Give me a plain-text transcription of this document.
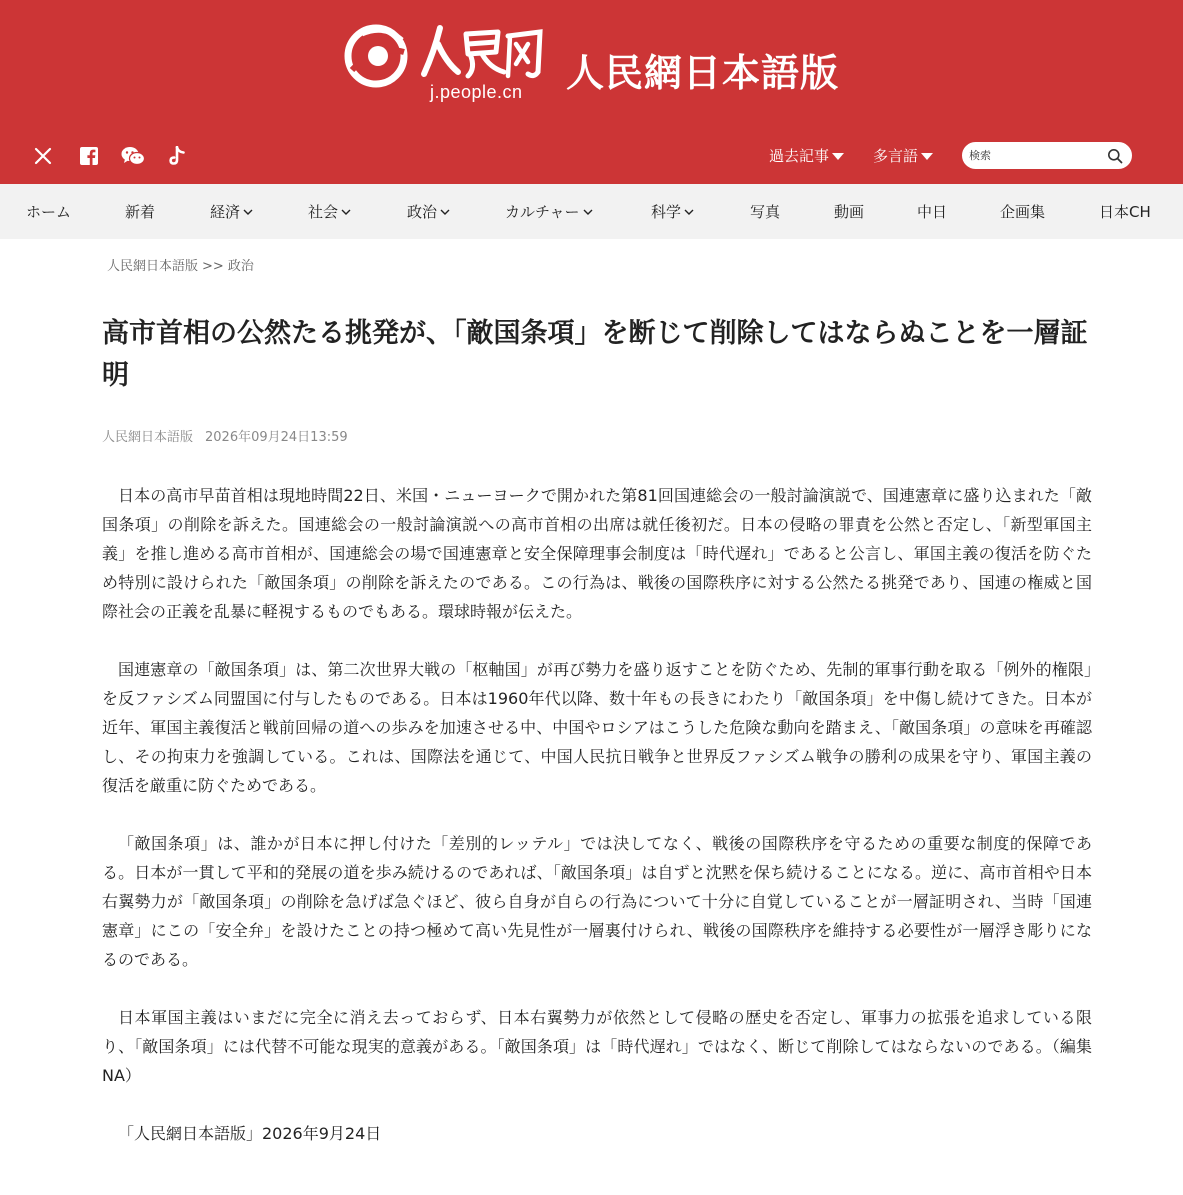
j.people.cn 人民網日本語版
過去記事	多言語
検索
ホーム	新着	経済	社会	政治	カルチャー	科学	写真	動画	中日	企画集	日本CH
人民網日本語版 >> 政治
高市首相の公然たる挑発が、「敵国条項」を断じて削除してはならぬことを一層証明
人民網日本語版 2026年09月24日13:59

日本の高市早苗首相は現地時間22日、米国・ニューヨークで開かれた第81回国連総会の一般討論演説で、国連憲章に盛り込まれた「敵国条項」の削除を訴えた。国連総会の一般討論演説への高市首相の出席は就任後初だ。日本の侵略の罪責を公然と否定し、「新型軍国主義」を推し進める高市首相が、国連総会の場で国連憲章と安全保障理事会制度は「時代遅れ」であると公言し、軍国主義の復活を防ぐため特別に設けられた「敵国条項」の削除を訴えたのである。この行為は、戦後の国際秩序に対する公然たる挑発であり、国連の権威と国際社会の正義を乱暴に軽視するものでもある。環球時報が伝えた。

国連憲章の「敵国条項」は、第二次世界大戦の「枢軸国」が再び勢力を盛り返すことを防ぐため、先制的軍事行動を取る「例外的権限」を反ファシズム同盟国に付与したものである。日本は1960年代以降、数十年もの長きにわたり「敵国条項」を中傷し続けてきた。日本が近年、軍国主義復活と戦前回帰の道への歩みを加速させる中、中国やロシアはこうした危険な動向を踏まえ、「敵国条項」の意味を再確認し、その拘束力を強調している。これは、国際法を通じて、中国人民抗日戦争と世界反ファシズム戦争の勝利の成果を守り、軍国主義の復活を厳重に防ぐためである。

「敵国条項」は、誰かが日本に押し付けた「差別的レッテル」では決してなく、戦後の国際秩序を守るための重要な制度的保障である。日本が一貫して平和的発展の道を歩み続けるのであれば、「敵国条項」は自ずと沈黙を保ち続けることになる。逆に、高市首相や日本右翼勢力が「敵国条項」の削除を急げば急ぐほど、彼ら自身が自らの行為について十分に自覚していることが一層証明され、当時「国連憲章」にこの「安全弁」を設けたことの持つ極めて高い先見性が一層裏付けられ、戦後の国際秩序を維持する必要性が一層浮き彫りになるのである。

日本軍国主義はいまだに完全に消え去っておらず、日本右翼勢力が依然として侵略の歴史を否定し、軍事力の拡張を追求している限り、「敵国条項」には代替不可能な現実的意義がある。「敵国条項」は「時代遅れ」ではなく、断じて削除してはならないのである。（編集NA）

「人民網日本語版」2026年9月24日
